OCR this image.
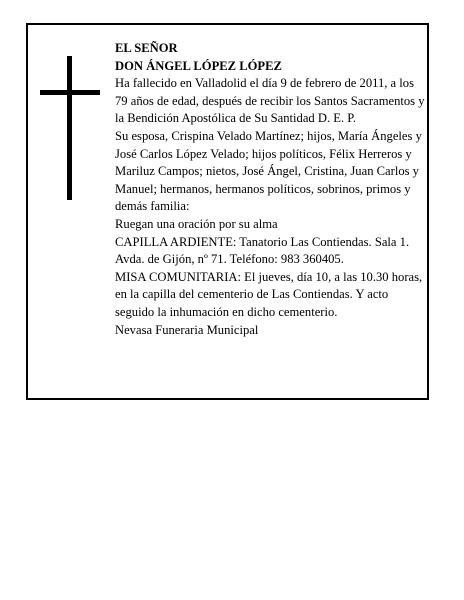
EL SEÑOR

DON ÁNGEL LÓPEZ LÓPEZ

Ha fallecido en Valladolid el día 9 de febrero de 2011, a los 79 años de edad, después de recibir los Santos Sacramentos y la Bendición Apostólica de Su Santidad D. E. P.

Su esposa, Crispina Velado Martínez; hijos, María Ángeles y José Carlos López Velado; hijos políticos, Félix Herreros y Mariluz Campos; nietos, José Ángel, Cristina, Juan Carlos y Manuel; hermanos, hermanos políticos, sobrinos, primos y demás familia:

Ruegan una oración por su alma

CAPILLA ARDIENTE: Tanatorio Las Contiendas. Sala 1. Avda. de Gijón, nº 71. Teléfono: 983 360405.

MISA COMUNITARIA: El jueves, día 10, a las 10.30 horas, en la capilla del cementerio de Las Contiendas. Y acto seguido la inhumación en dicho cementerio.

Nevasa Funeraria Municipal
